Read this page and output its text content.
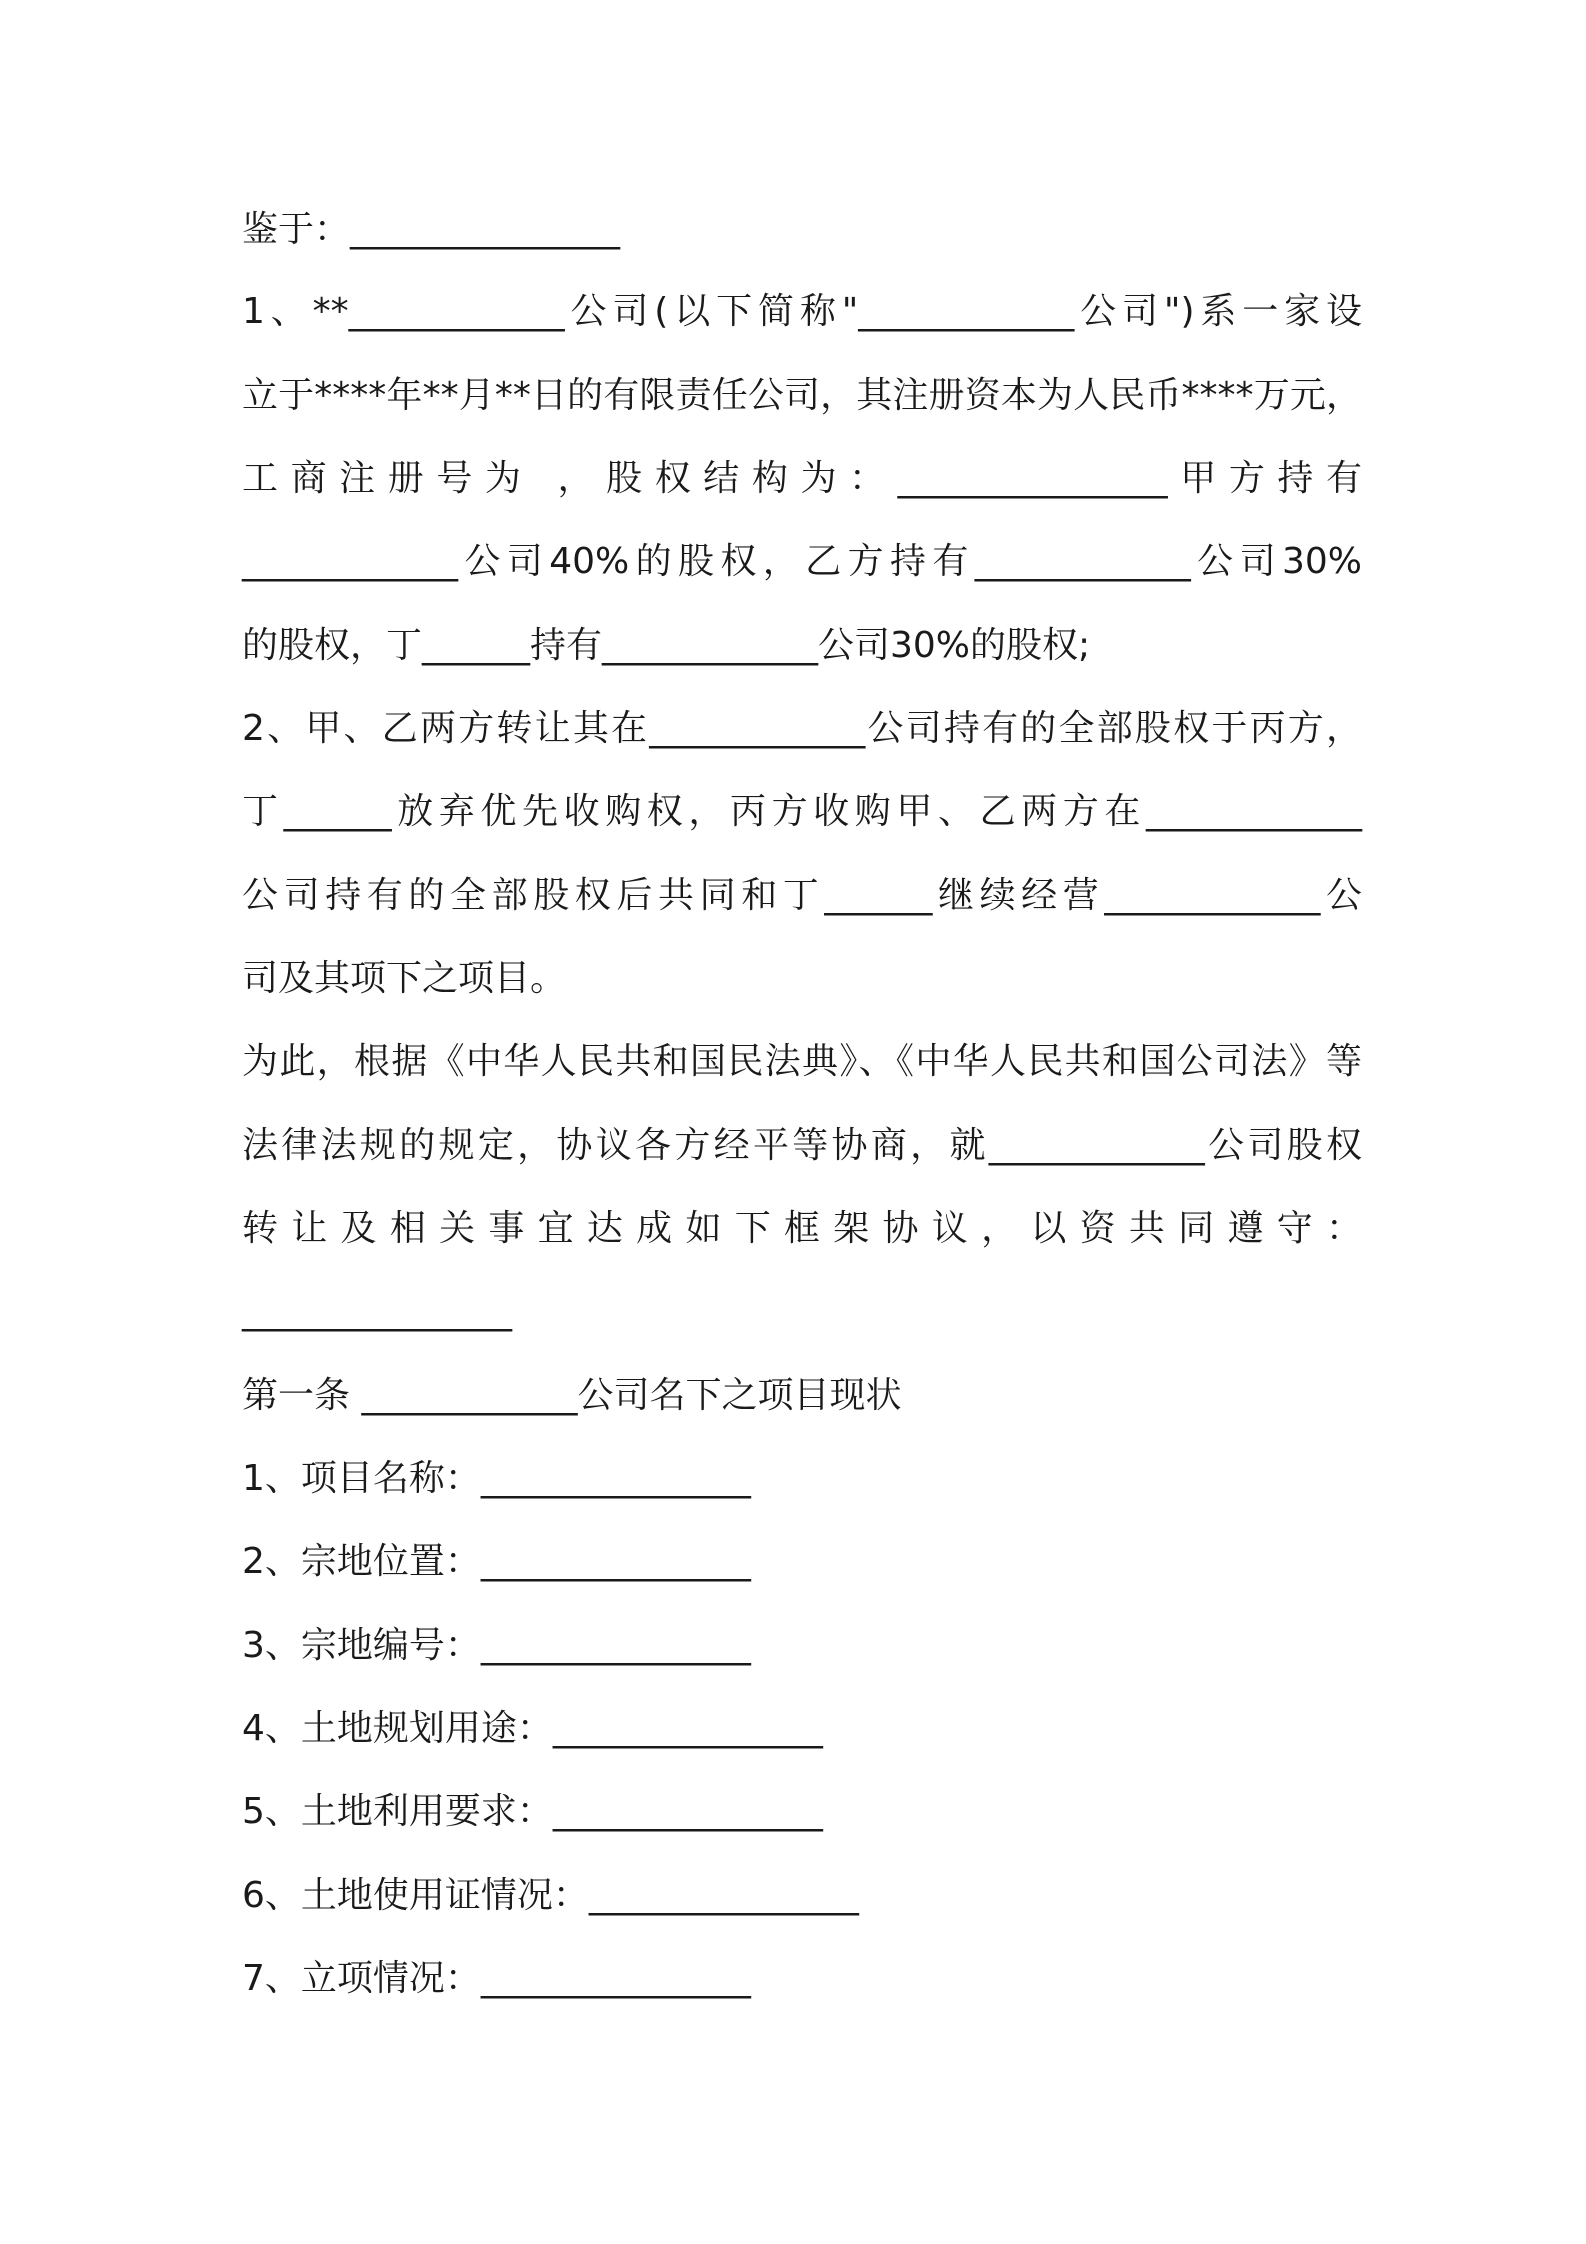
鉴于：_______________
1、**____________公司(以下简称"____________公司")系一家设
立于****年**月**日的有限责任公司，其注册资本为人民币****万元，
工商注册号为 ，股权结构为：_______________甲方持有
____________公司40%的股权，乙方持有____________公司30%
的股权，丁______持有____________公司30%的股权;
2、甲、乙两方转让其在____________公司持有的全部股权于丙方，
丁______放弃优先收购权，丙方收购甲、乙两方在____________
公司持有的全部股权后共同和丁______继续经营____________公
司及其项下之项目。
为此，根据《中华人民共和国民法典》、《中华人民共和国公司法》等
法律法规的规定，协议各方经平等协商，就____________公司股权
转让及相关事宜达成如下框架协议，以资共同遵守：
_______________
第一条 ____________公司名下之项目现状
1、项目名称：_______________
2、宗地位置：_______________
3、宗地编号：_______________
4、土地规划用途：_______________
5、土地利用要求：_______________
6、土地使用证情况：_______________
7、立项情况：_______________
